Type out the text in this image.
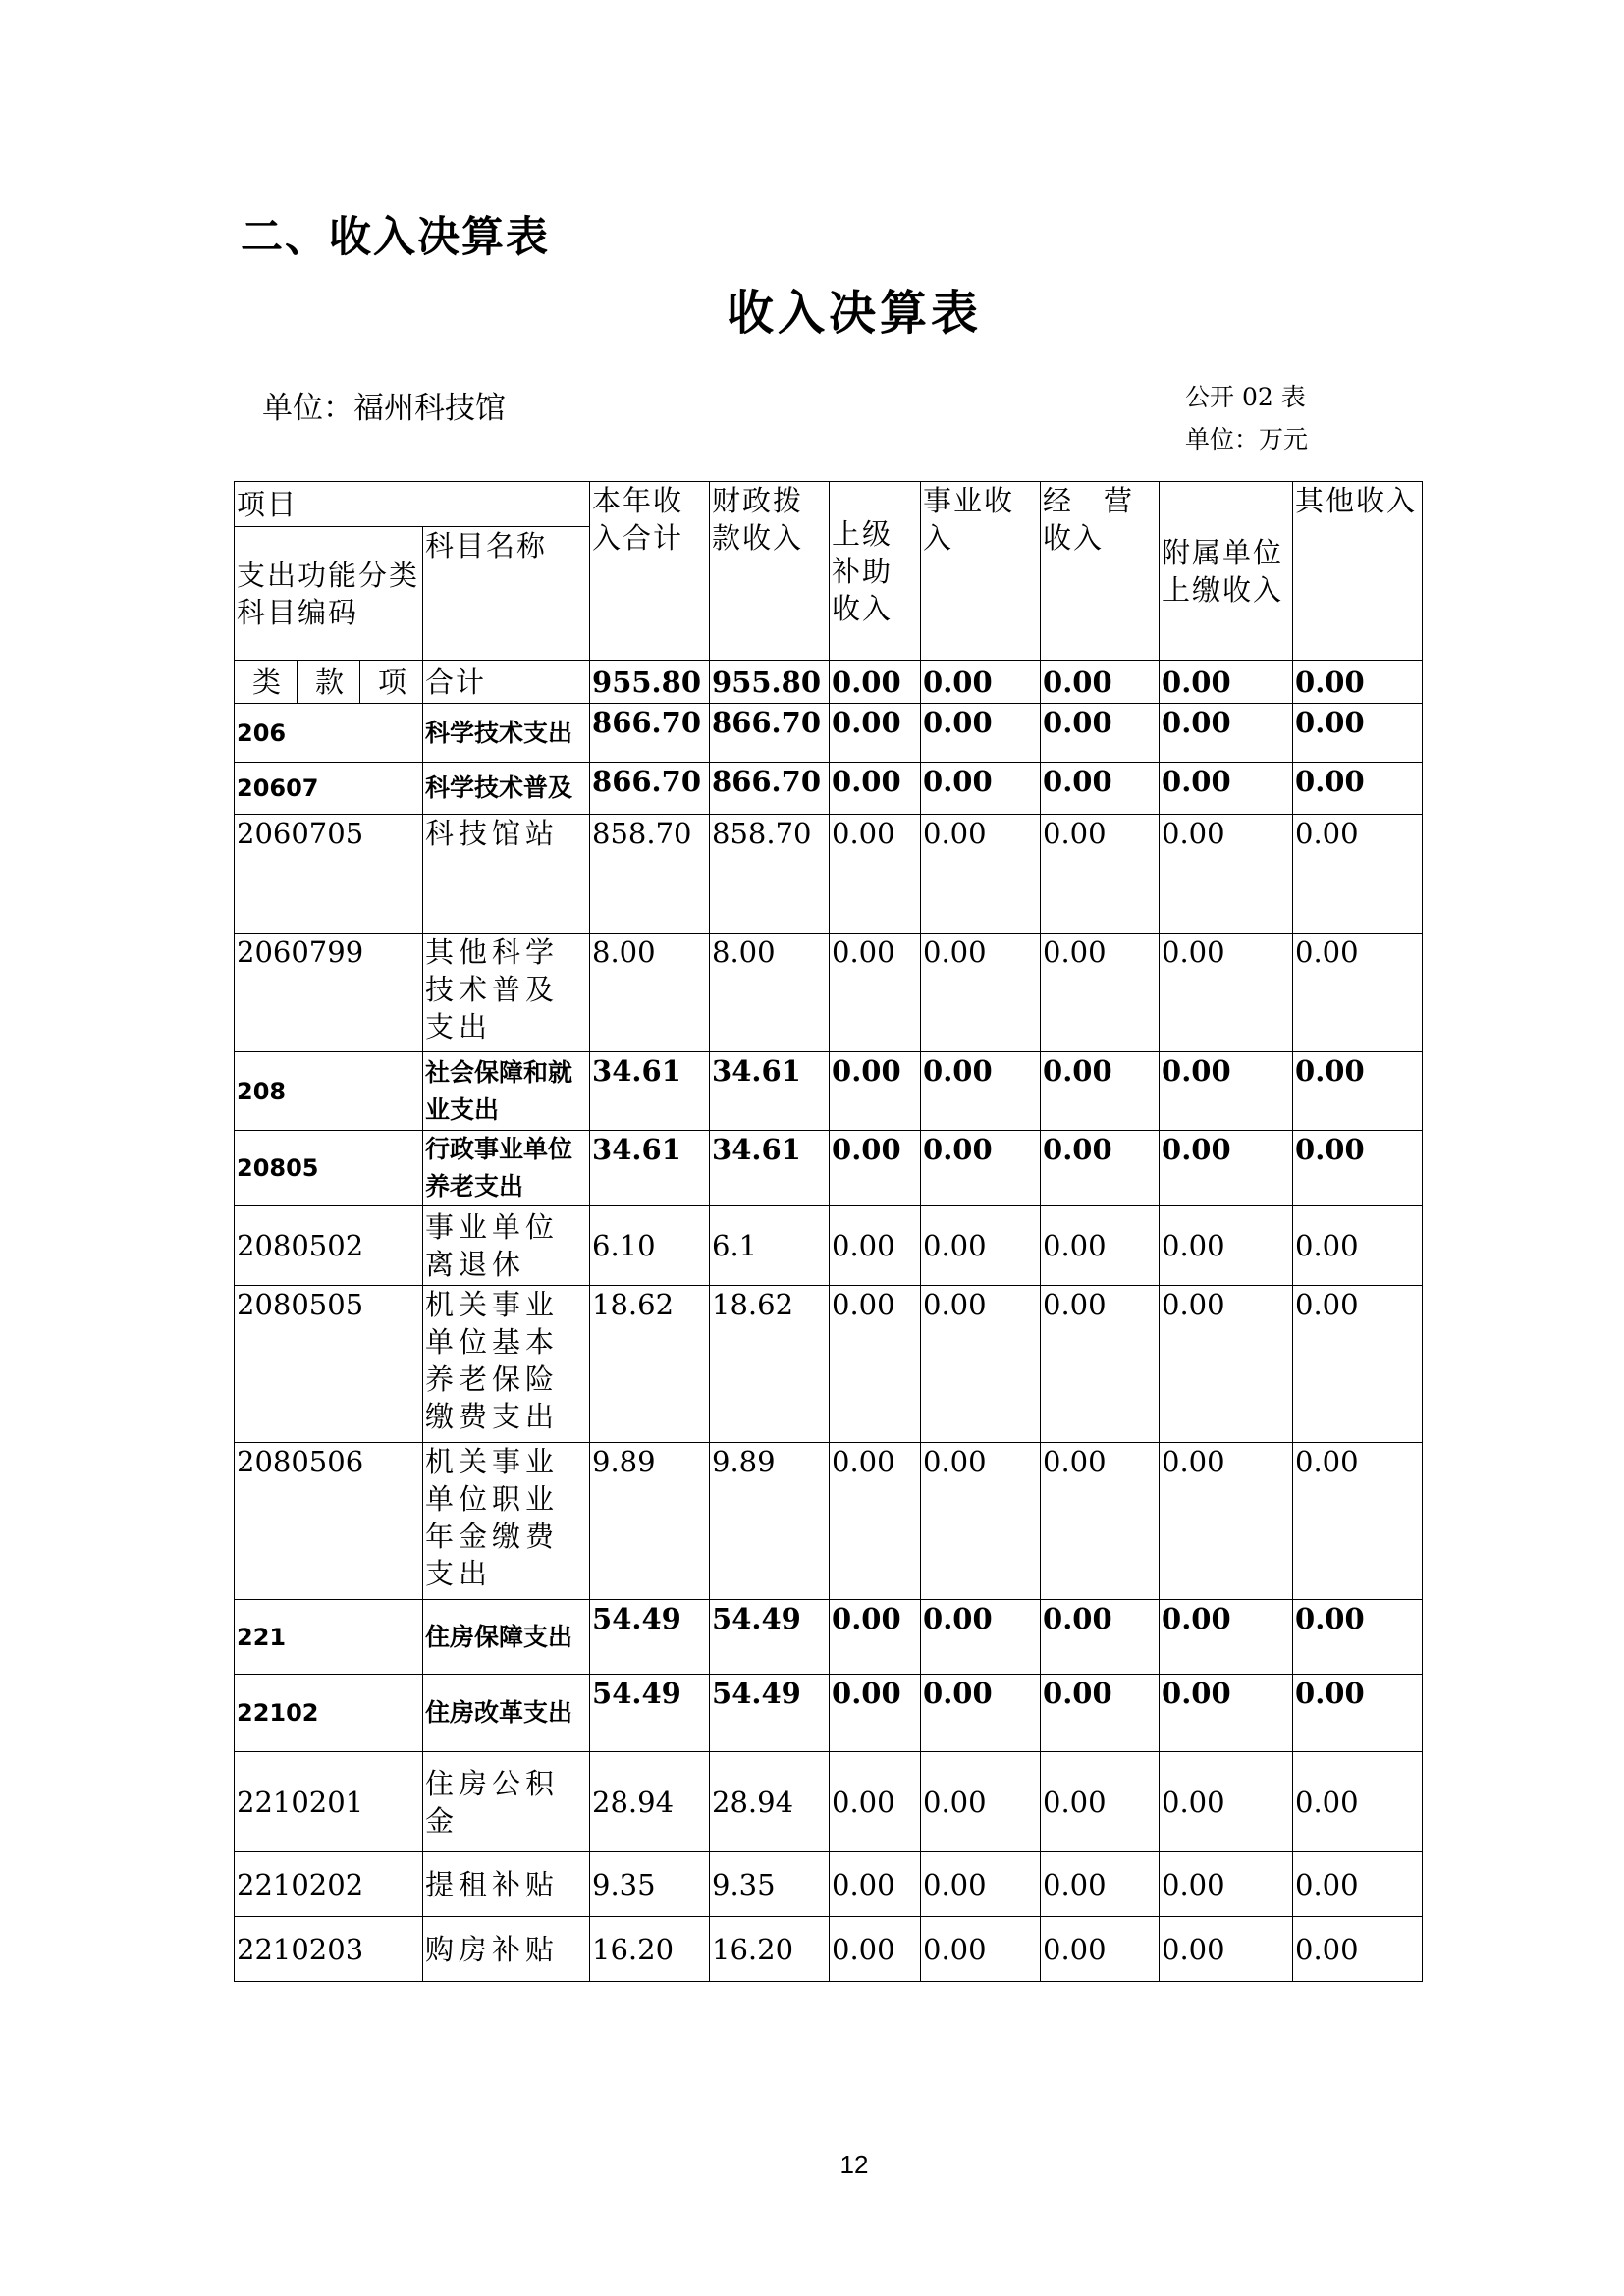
二、收入决算表
收入决算表
单位：福州科技馆	公开 02 表
单位：万元
项目				本年收入合计	财政拨款收入	上级补助收入	事业收入	经　营收入	附属单位上缴收入	其他收入
支出功能分类科目编码			科目名称							
类	款	项	合计	955.80	955.80	0.00	0.00	0.00	0.00	0.00
206			科学技术支出	866.70	866.70	0.00	0.00	0.00	0.00	0.00
20607			科学技术普及	866.70	866.70	0.00	0.00	0.00	0.00	0.00
2060705			科技馆站	858.70	858.70	0.00	0.00	0.00	0.00	0.00
2060799			其他科学技术普及支出	8.00	8.00	0.00	0.00	0.00	0.00	0.00
208			社会保障和就业支出	34.61	34.61	0.00	0.00	0.00	0.00	0.00
20805			行政事业单位养老支出	34.61	34.61	0.00	0.00	0.00	0.00	0.00
2080502			事业单位离退休	6.10	6.1	0.00	0.00	0.00	0.00	0.00
2080505			机关事业单位基本养老保险缴费支出	18.62	18.62	0.00	0.00	0.00	0.00	0.00
2080506			机关事业单位职业年金缴费支出	9.89	9.89	0.00	0.00	0.00	0.00	0.00
221			住房保障支出	54.49	54.49	0.00	0.00	0.00	0.00	0.00
22102			住房改革支出	54.49	54.49	0.00	0.00	0.00	0.00	0.00
2210201			住房公积金	28.94	28.94	0.00	0.00	0.00	0.00	0.00
2210202			提租补贴	9.35	9.35	0.00	0.00	0.00	0.00	0.00
2210203			购房补贴	16.20	16.20	0.00	0.00	0.00	0.00	0.00
12
